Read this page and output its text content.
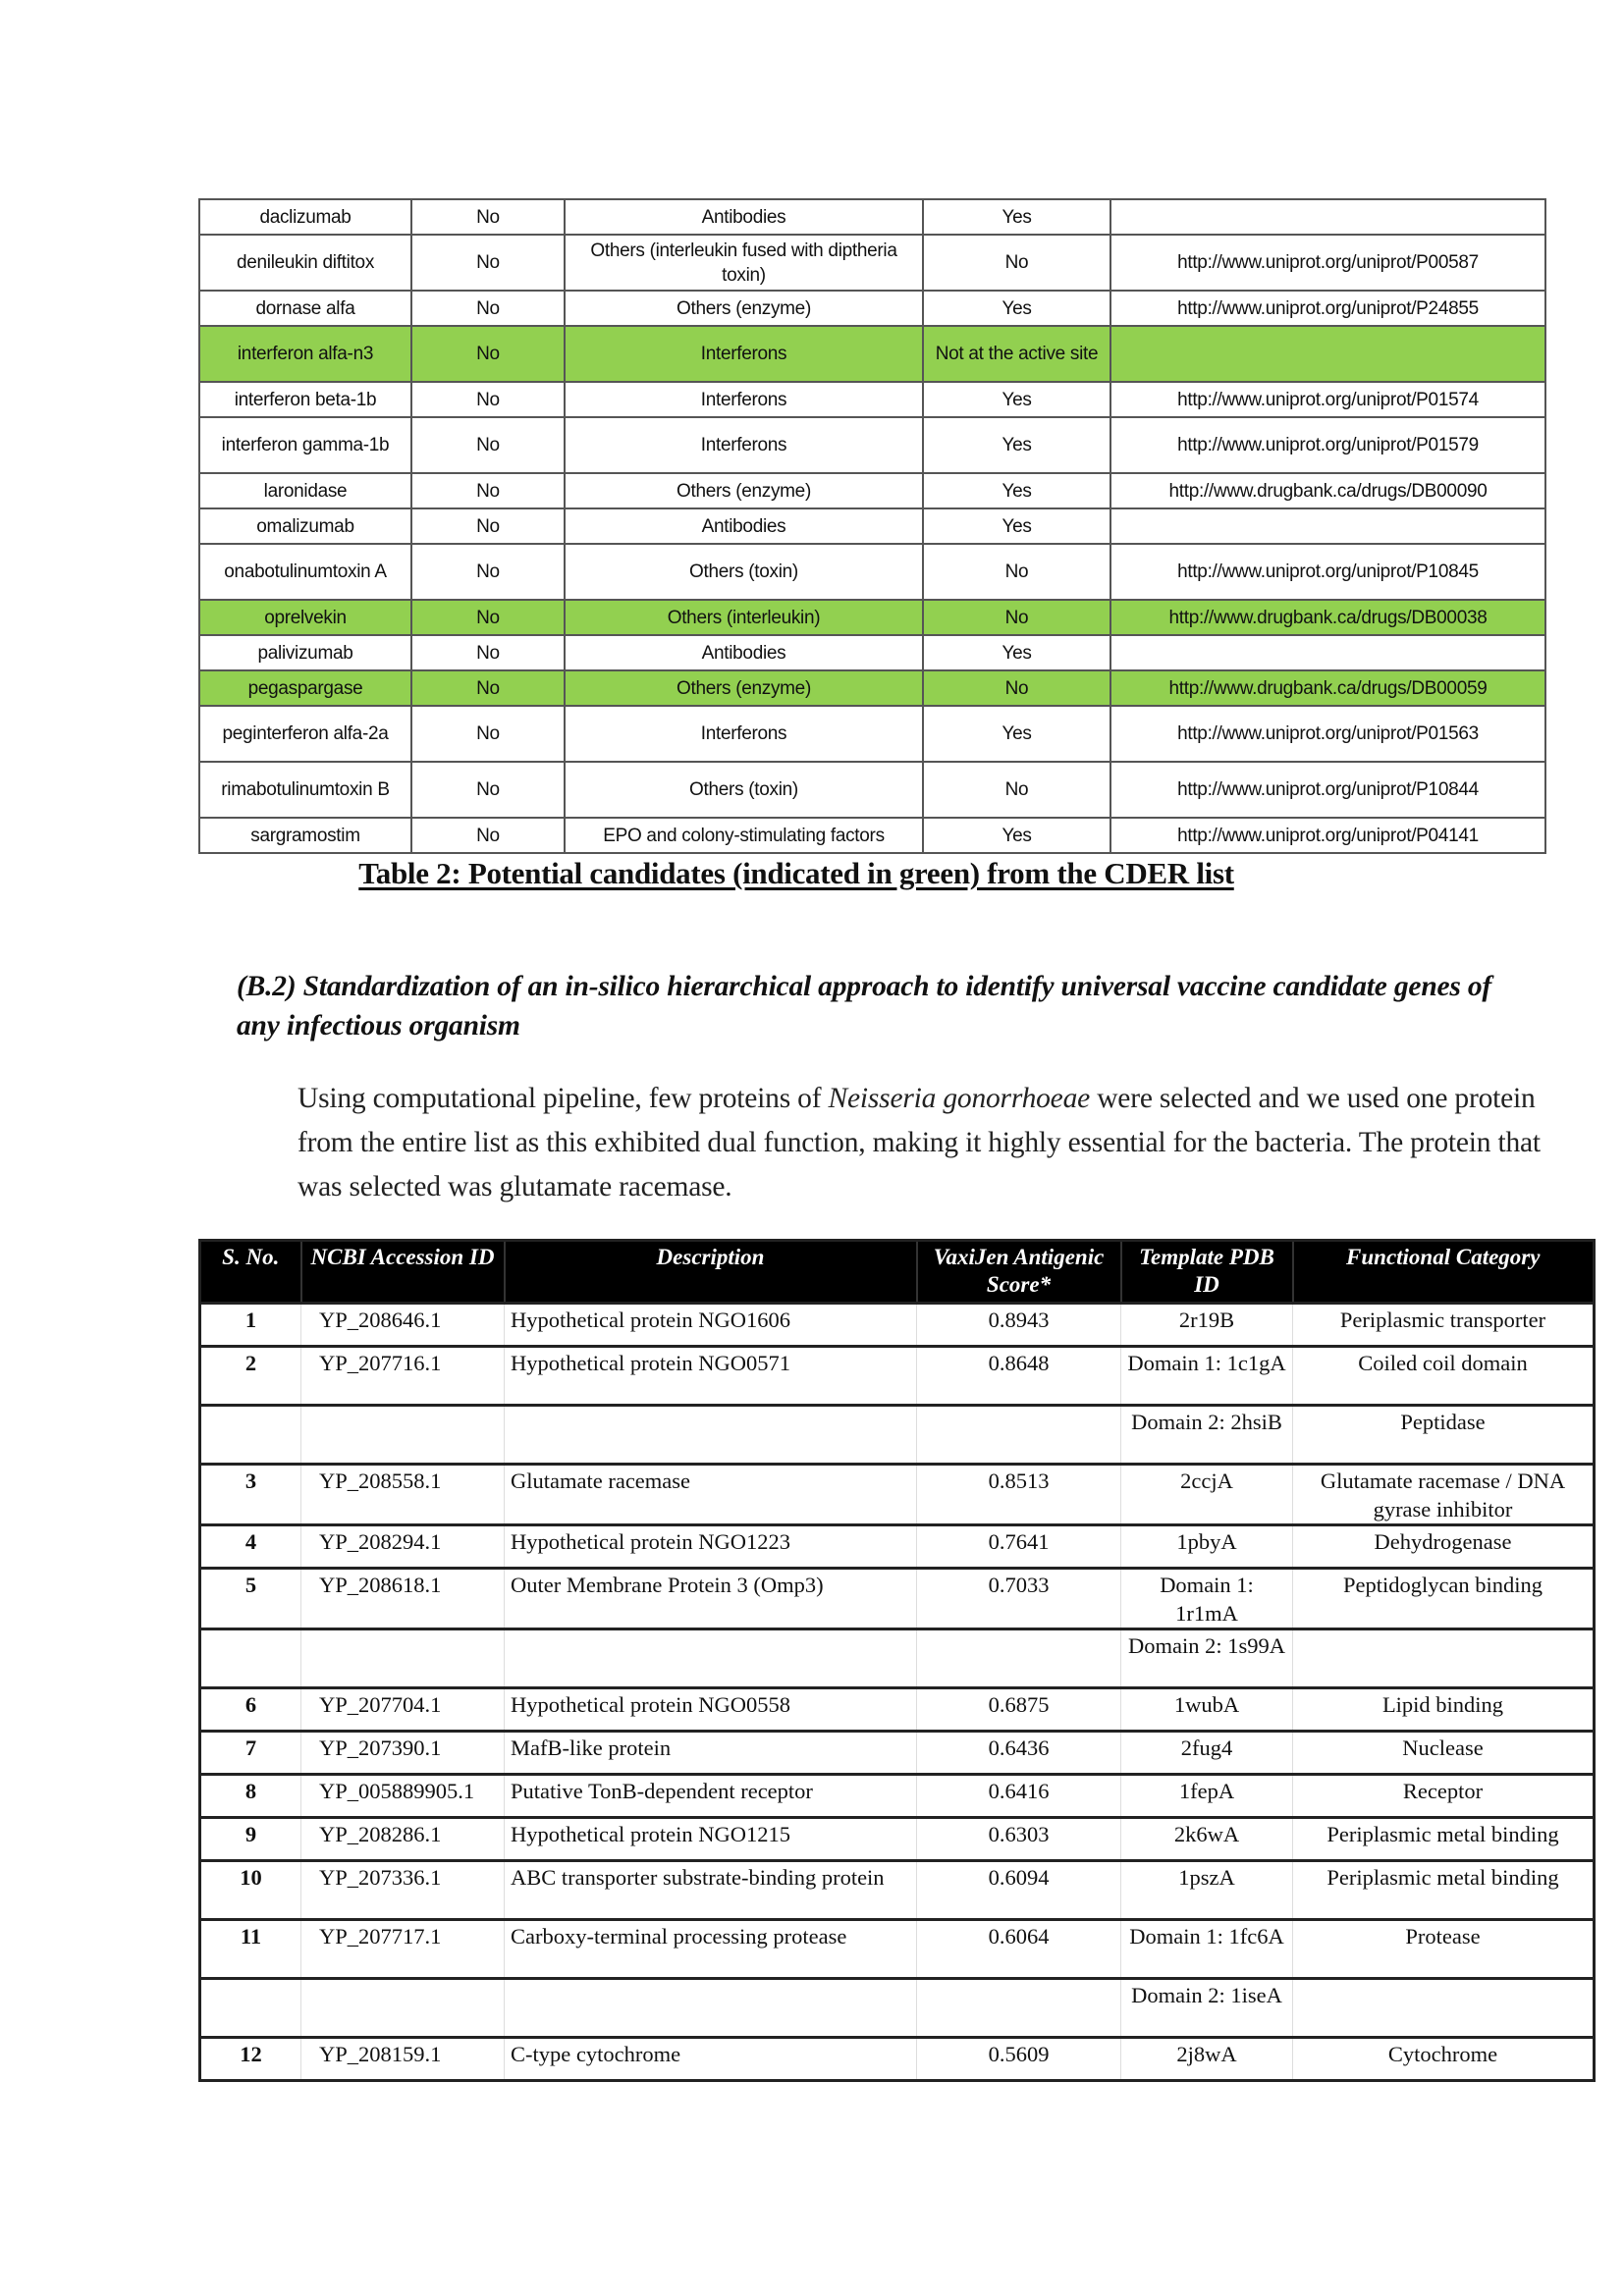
daclizumab	No	Antibodies	Yes	
denileukin diftitox	No	Others (interleukin fused with diptheria toxin)	No	http://www.uniprot.org/uniprot/P00587
dornase alfa	No	Others (enzyme)	Yes	http://www.uniprot.org/uniprot/P24855
interferon alfa-n3	No	Interferons	Not at the active site	
interferon beta-1b	No	Interferons	Yes	http://www.uniprot.org/uniprot/P01574
interferon gamma-1b	No	Interferons	Yes	http://www.uniprot.org/uniprot/P01579
laronidase	No	Others (enzyme)	Yes	http://www.drugbank.ca/drugs/DB00090
omalizumab	No	Antibodies	Yes	
onabotulinumtoxin A	No	Others (toxin)	No	http://www.uniprot.org/uniprot/P10845
oprelvekin	No	Others (interleukin)	No	http://www.drugbank.ca/drugs/DB00038
palivizumab	No	Antibodies	Yes	
pegaspargase	No	Others (enzyme)	No	http://www.drugbank.ca/drugs/DB00059
peginterferon alfa-2a	No	Interferons	Yes	http://www.uniprot.org/uniprot/P01563
rimabotulinumtoxin B	No	Others (toxin)	No	http://www.uniprot.org/uniprot/P10844
sargramostim	No	EPO and colony-stimulating factors	Yes	http://www.uniprot.org/uniprot/P04141
Table 2: Potential candidates (indicated in green) from the CDER list
(B.2) Standardization of an in-silico hierarchical approach to identify universal vaccine candidate genes of any infectious organism
Using computational pipeline, few proteins of Neisseria gonorrhoeae were selected and we used one protein from the entire list as this exhibited dual function, making it highly essential for the bacteria. The protein that was selected was glutamate racemase.
S. No.	NCBI Accession ID	Description	VaxiJen Antigenic Score*	Template PDB ID	Functional Category
1	YP_208646.1	Hypothetical protein NGO1606	0.8943	2r19B	Periplasmic transporter
2	YP_207716.1	Hypothetical protein NGO0571	0.8648	Domain 1: 1c1gA	Coiled coil domain
				Domain 2: 2hsiB	Peptidase
3	YP_208558.1	Glutamate racemase	0.8513	2ccjA	Glutamate racemase / DNA gyrase inhibitor
4	YP_208294.1	Hypothetical protein NGO1223	0.7641	1pbyA	Dehydrogenase
5	YP_208618.1	Outer Membrane Protein 3 (Omp3)	0.7033	Domain 1: 1r1mA	Peptidoglycan binding
				Domain 2: 1s99A	
6	YP_207704.1	Hypothetical protein NGO0558	0.6875	1wubA	Lipid binding
7	YP_207390.1	MafB-like protein	0.6436	2fug4	Nuclease
8	YP_005889905.1	Putative TonB-dependent receptor	0.6416	1fepA	Receptor
9	YP_208286.1	Hypothetical protein NGO1215	0.6303	2k6wA	Periplasmic metal binding
10	YP_207336.1	ABC transporter substrate-binding protein	0.6094	1pszA	Periplasmic metal binding
11	YP_207717.1	Carboxy-terminal processing protease	0.6064	Domain 1: 1fc6A	Protease
				Domain 2: 1iseA	
12	YP_208159.1	C-type cytochrome	0.5609	2j8wA	Cytochrome
